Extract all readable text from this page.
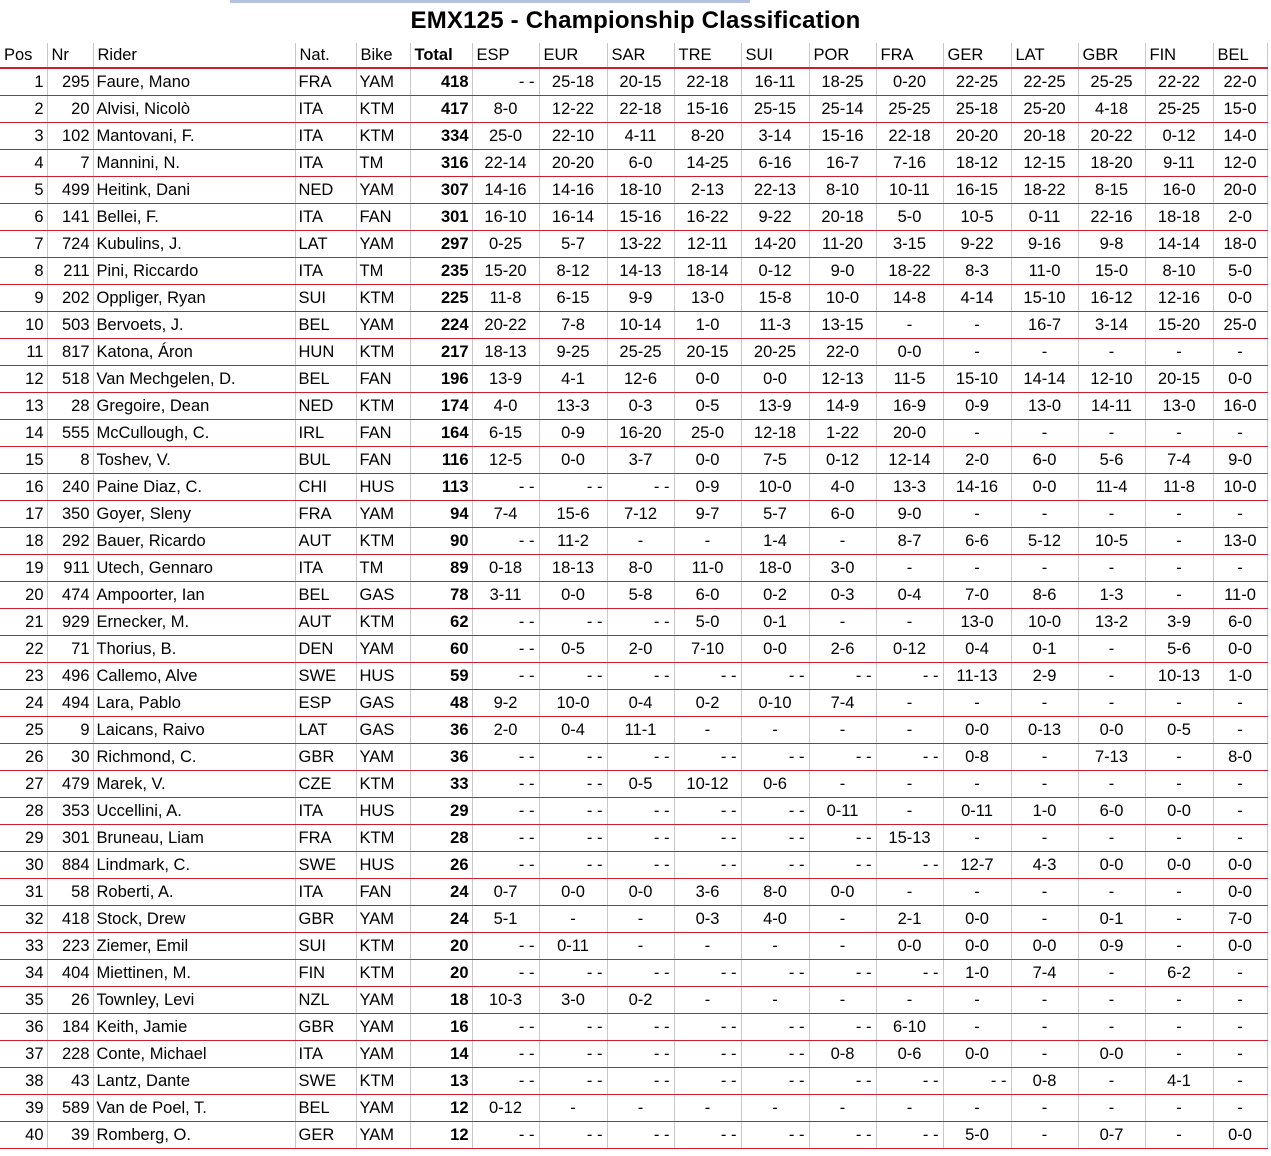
EMX125 - Championship Classification
Pos	Nr	Rider	Nat.	Bike	Total	ESP	EUR	SAR	TRE	SUI	POR	FRA	GER	LAT	GBR	FIN	BEL
1	295	Faure, Mano	FRA	YAM	418	- -	25-18	20-15	22-18	16-11	18-25	0-20	22-25	22-25	25-25	22-22	22-0
2	20	Alvisi, Nicolò	ITA	KTM	417	8-0	12-22	22-18	15-16	25-15	25-14	25-25	25-18	25-20	4-18	25-25	15-0
3	102	Mantovani, F.	ITA	KTM	334	25-0	22-10	4-11	8-20	3-14	15-16	22-18	20-20	20-18	20-22	0-12	14-0
4	7	Mannini, N.	ITA	TM	316	22-14	20-20	6-0	14-25	6-16	16-7	7-16	18-12	12-15	18-20	9-11	12-0
5	499	Heitink, Dani	NED	YAM	307	14-16	14-16	18-10	2-13	22-13	8-10	10-11	16-15	18-22	8-15	16-0	20-0
6	141	Bellei, F.	ITA	FAN	301	16-10	16-14	15-16	16-22	9-22	20-18	5-0	10-5	0-11	22-16	18-18	2-0
7	724	Kubulins, J.	LAT	YAM	297	0-25	5-7	13-22	12-11	14-20	11-20	3-15	9-22	9-16	9-8	14-14	18-0
8	211	Pini, Riccardo	ITA	TM	235	15-20	8-12	14-13	18-14	0-12	9-0	18-22	8-3	11-0	15-0	8-10	5-0
9	202	Oppliger, Ryan	SUI	KTM	225	11-8	6-15	9-9	13-0	15-8	10-0	14-8	4-14	15-10	16-12	12-16	0-0
10	503	Bervoets, J.	BEL	YAM	224	20-22	7-8	10-14	1-0	11-3	13-15	-	-	16-7	3-14	15-20	25-0
11	817	Katona, Áron	HUN	KTM	217	18-13	9-25	25-25	20-15	20-25	22-0	0-0	-	-	-	-	-
12	518	Van Mechgelen, D.	BEL	FAN	196	13-9	4-1	12-6	0-0	0-0	12-13	11-5	15-10	14-14	12-10	20-15	0-0
13	28	Gregoire, Dean	NED	KTM	174	4-0	13-3	0-3	0-5	13-9	14-9	16-9	0-9	13-0	14-11	13-0	16-0
14	555	McCullough, C.	IRL	FAN	164	6-15	0-9	16-20	25-0	12-18	1-22	20-0	-	-	-	-	-
15	8	Toshev, V.	BUL	FAN	116	12-5	0-0	3-7	0-0	7-5	0-12	12-14	2-0	6-0	5-6	7-4	9-0
16	240	Paine Diaz, C.	CHI	HUS	113	- -	- -	- -	0-9	10-0	4-0	13-3	14-16	0-0	11-4	11-8	10-0
17	350	Goyer, Sleny	FRA	YAM	94	7-4	15-6	7-12	9-7	5-7	6-0	9-0	-	-	-	-	-
18	292	Bauer, Ricardo	AUT	KTM	90	- -	11-2	-	-	1-4	-	8-7	6-6	5-12	10-5	-	13-0
19	911	Utech, Gennaro	ITA	TM	89	0-18	18-13	8-0	11-0	18-0	3-0	-	-	-	-	-	-
20	474	Ampoorter, Ian	BEL	GAS	78	3-11	0-0	5-8	6-0	0-2	0-3	0-4	7-0	8-6	1-3	-	11-0
21	929	Ernecker, M.	AUT	KTM	62	- -	- -	- -	5-0	0-1	-	-	13-0	10-0	13-2	3-9	6-0
22	71	Thorius, B.	DEN	YAM	60	- -	0-5	2-0	7-10	0-0	2-6	0-12	0-4	0-1	-	5-6	0-0
23	496	Callemo, Alve	SWE	HUS	59	- -	- -	- -	- -	- -	- -	- -	11-13	2-9	-	10-13	1-0
24	494	Lara, Pablo	ESP	GAS	48	9-2	10-0	0-4	0-2	0-10	7-4	-	-	-	-	-	-
25	9	Laicans, Raivo	LAT	GAS	36	2-0	0-4	11-1	-	-	-	-	0-0	0-13	0-0	0-5	-
26	30	Richmond, C.	GBR	YAM	36	- -	- -	- -	- -	- -	- -	- -	0-8	-	7-13	-	8-0
27	479	Marek, V.	CZE	KTM	33	- -	- -	0-5	10-12	0-6	-	-	-	-	-	-	-
28	353	Uccellini, A.	ITA	HUS	29	- -	- -	- -	- -	- -	0-11	-	0-11	1-0	6-0	0-0	-
29	301	Bruneau, Liam	FRA	KTM	28	- -	- -	- -	- -	- -	- -	15-13	-	-	-	-	-
30	884	Lindmark, C.	SWE	HUS	26	- -	- -	- -	- -	- -	- -	- -	12-7	4-3	0-0	0-0	0-0
31	58	Roberti, A.	ITA	FAN	24	0-7	0-0	0-0	3-6	8-0	0-0	-	-	-	-	-	0-0
32	418	Stock, Drew	GBR	YAM	24	5-1	-	-	0-3	4-0	-	2-1	0-0	-	0-1	-	7-0
33	223	Ziemer, Emil	SUI	KTM	20	- -	0-11	-	-	-	-	0-0	0-0	0-0	0-9	-	0-0
34	404	Miettinen, M.	FIN	KTM	20	- -	- -	- -	- -	- -	- -	- -	1-0	7-4	-	6-2	-
35	26	Townley, Levi	NZL	YAM	18	10-3	3-0	0-2	-	-	-	-	-	-	-	-	-
36	184	Keith, Jamie	GBR	YAM	16	- -	- -	- -	- -	- -	- -	6-10	-	-	-	-	-
37	228	Conte, Michael	ITA	YAM	14	- -	- -	- -	- -	- -	0-8	0-6	0-0	-	0-0	-	-
38	43	Lantz, Dante	SWE	KTM	13	- -	- -	- -	- -	- -	- -	- -	- -	0-8	-	4-1	-
39	589	Van de Poel, T.	BEL	YAM	12	0-12	-	-	-	-	-	-	-	-	-	-	-
40	39	Romberg, O.	GER	YAM	12	- -	- -	- -	- -	- -	- -	- -	5-0	-	0-7	-	0-0
